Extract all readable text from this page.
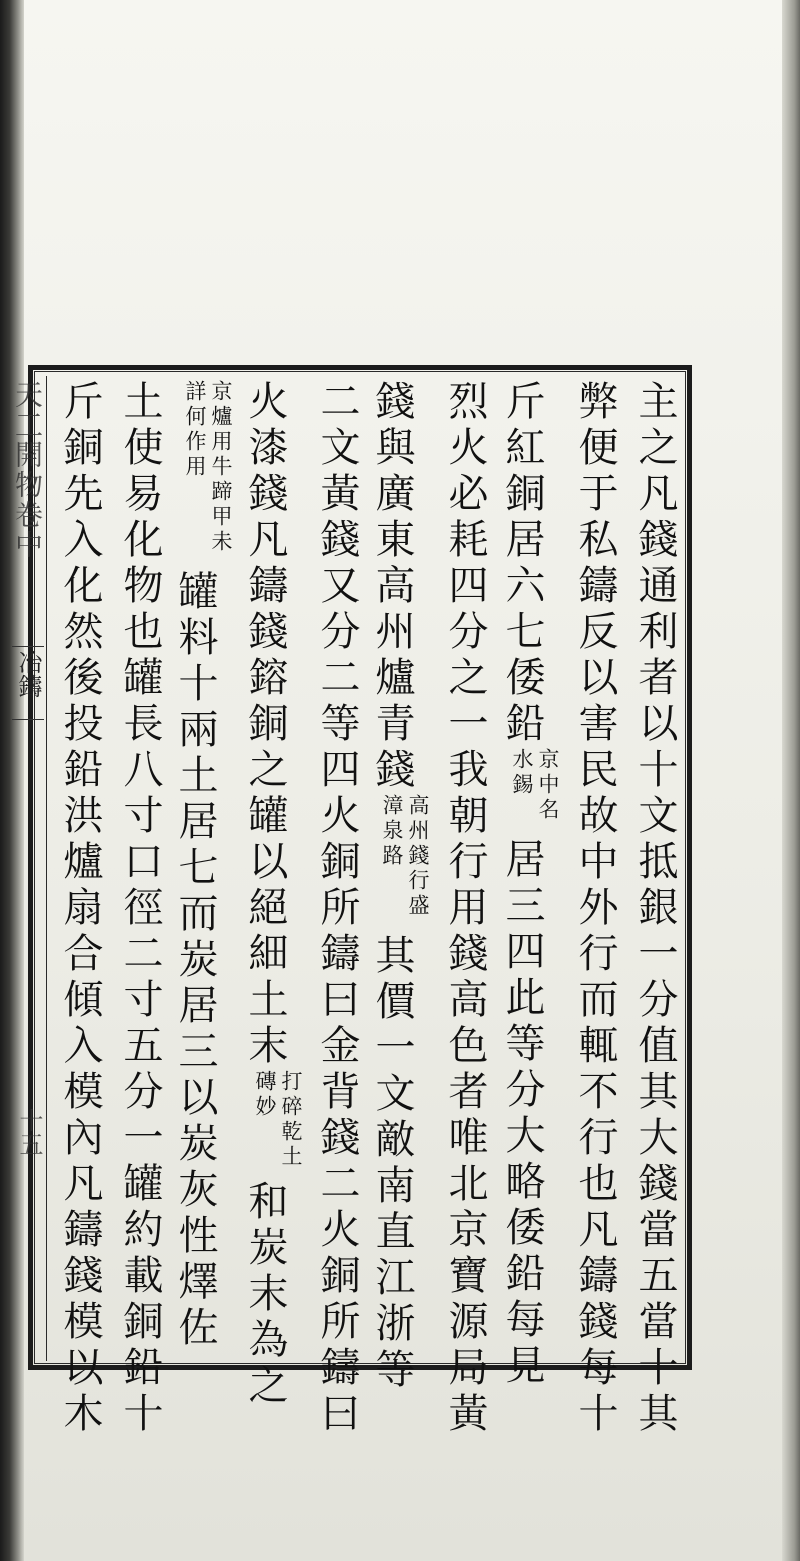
天工開物卷中
冶鑄
十五	主之凡錢通利者以十文抵銀一分值其大錢當五當十其
弊便于私鑄反以害民故中外行而輒不行也凡鑄錢每十
斤紅銅居六七倭鉛京中名水錫居三四此等分大略倭鉛每見
烈火必耗四分之一我朝行用錢高色者唯北京寶源局黃
錢與廣東高州爐青錢高州錢行盛漳泉路其價一文敵南直江浙等
二文黃錢又分二等四火銅所鑄曰金背錢二火銅所鑄曰
火漆錢凡鑄錢鎔銅之罐以絕細土末打碎乾土磚妙和炭末為之
京爐用牛蹄甲未詳何作用罐料十兩土居七而炭居三以炭灰性燡佐
土使易化物也罐長八寸口徑二寸五分一罐約載銅鉛十
斤銅先入化然後投鉛洪爐扇合傾入模內凡鑄錢模以木
